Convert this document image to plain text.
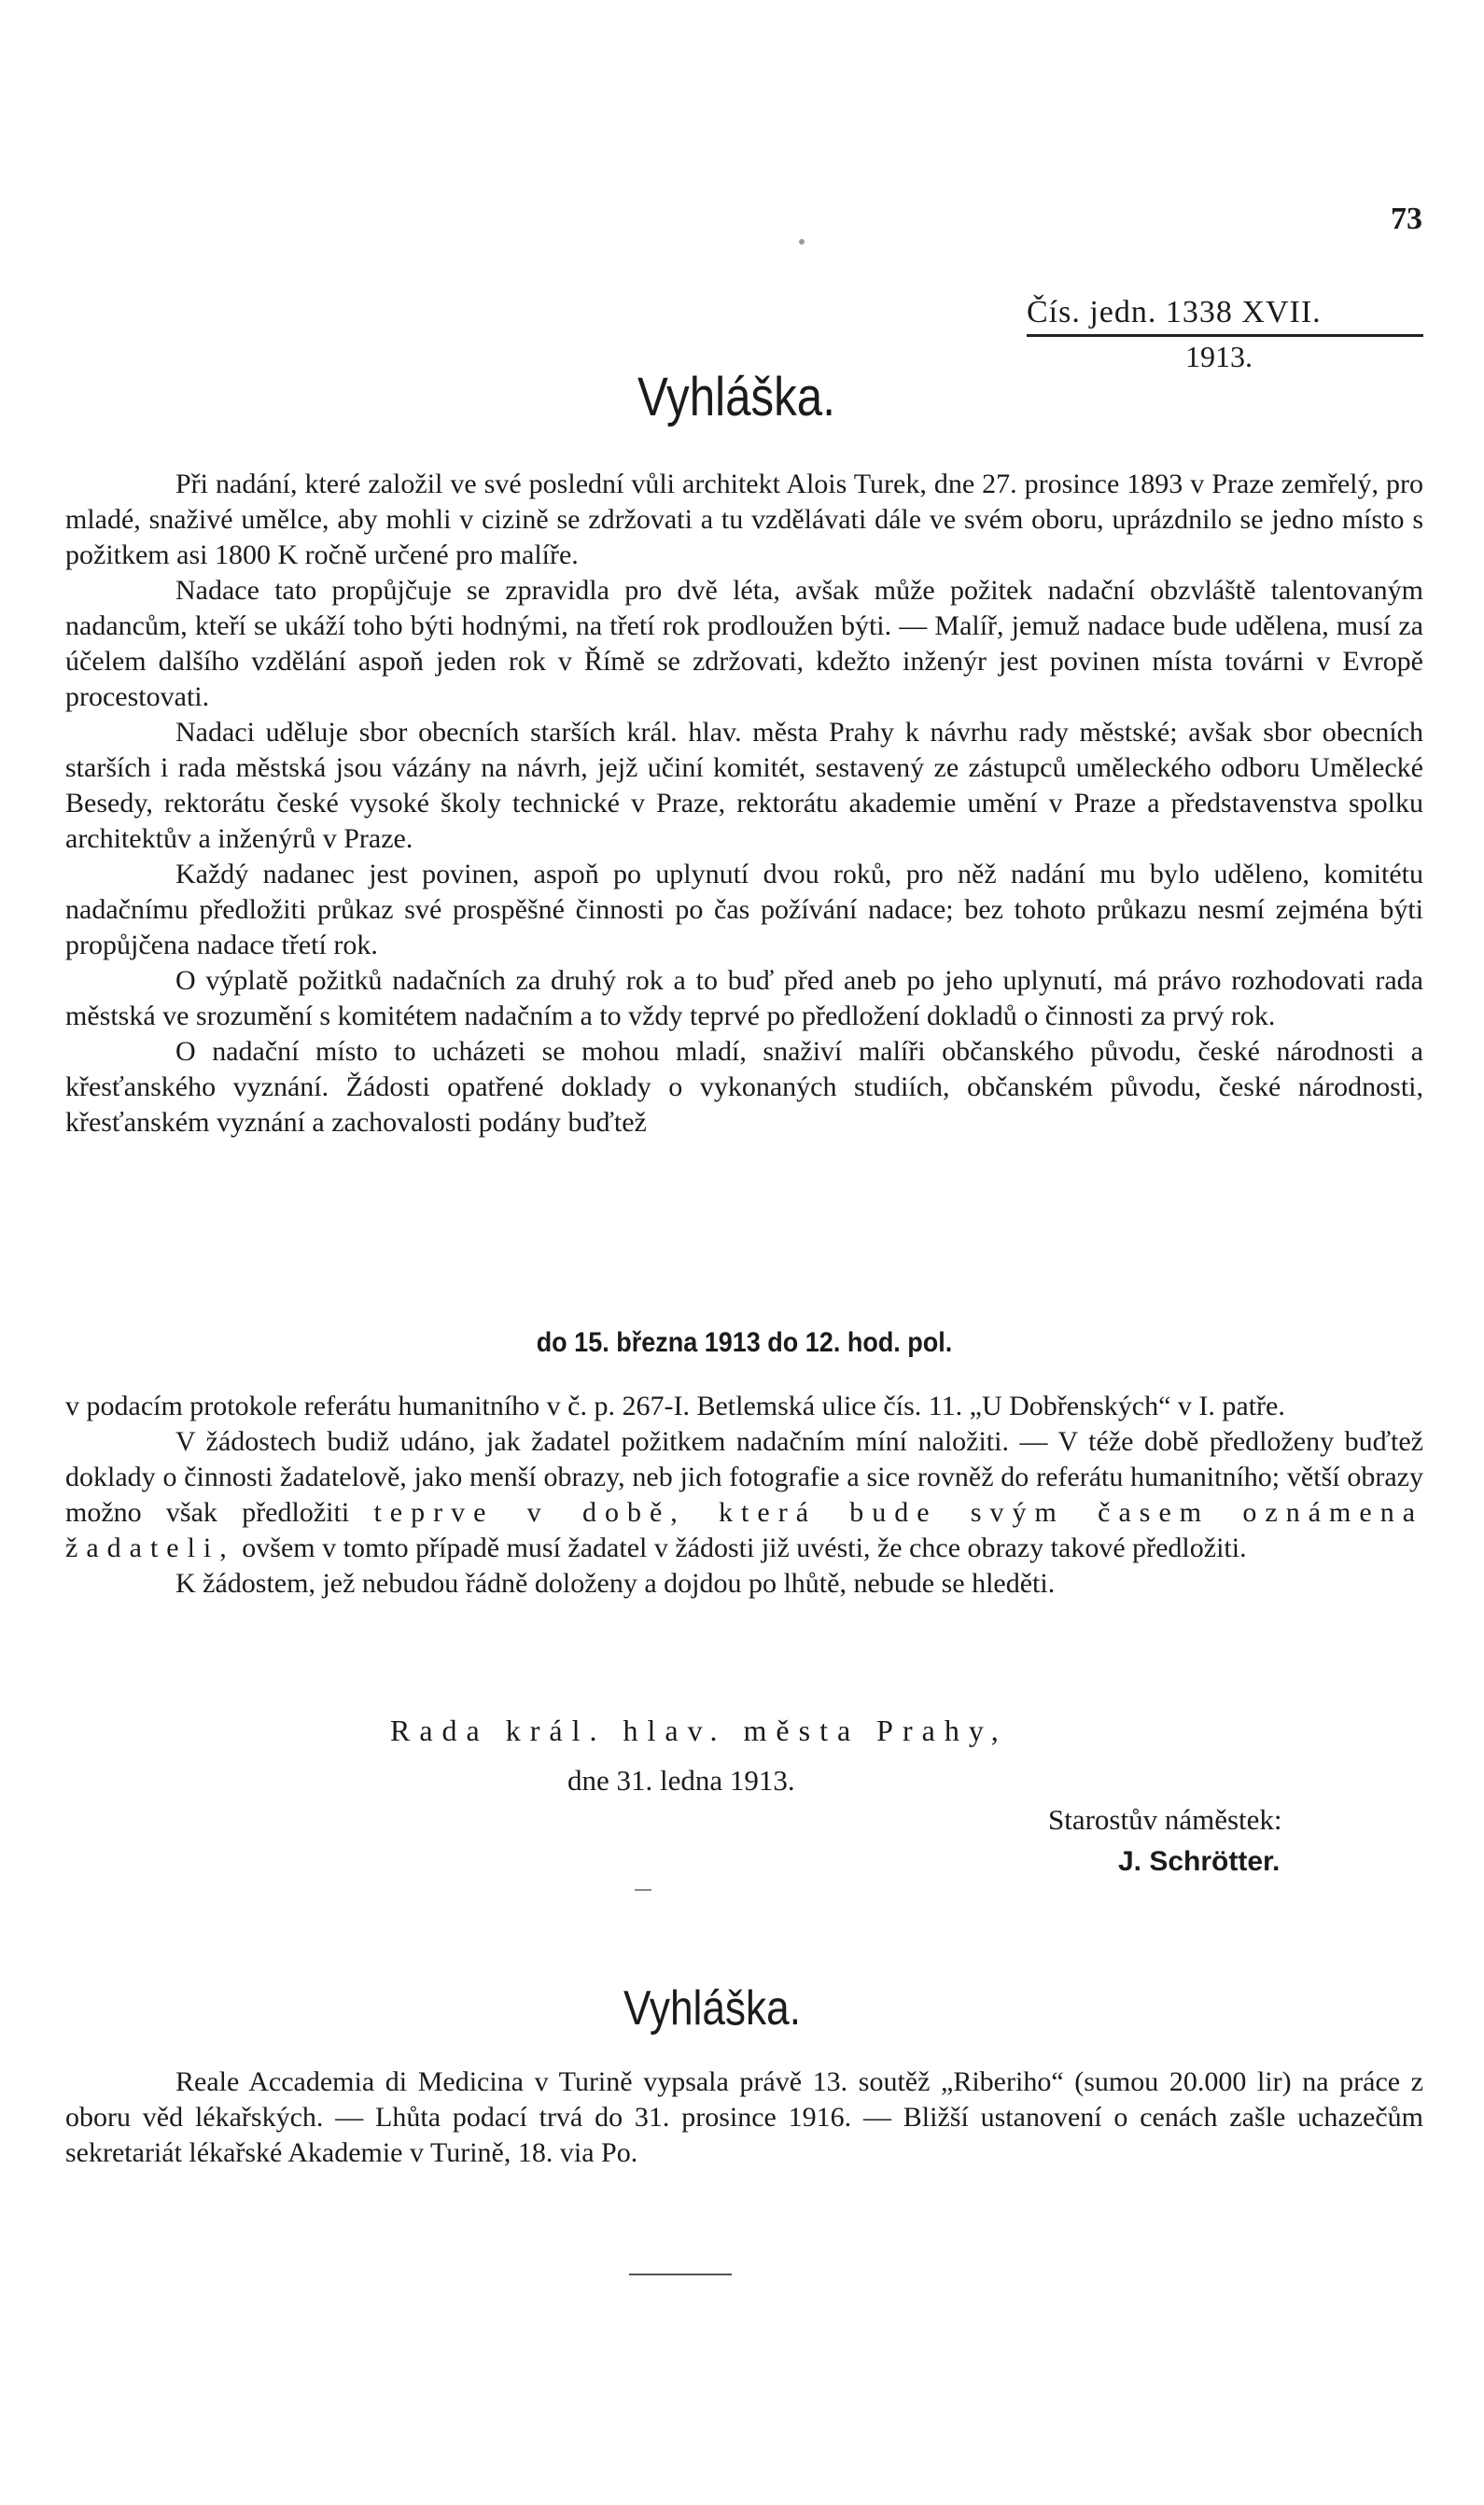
73
Čís. jedn. 1338 XVII.
1913.
Vyhláška.

Při nadání, které založil ve své poslední vůli architekt Alois Turek, dne 27. prosince 1893 v Praze zemřelý, pro mladé, snaživé umělce, aby mohli v cizině se zdržovati a tu vzdělávati dále ve svém oboru, uprázdnilo se jedno místo s požitkem asi 1800 K ročně určené pro malíře.

Nadace tato propůjčuje se zpravidla pro dvě léta, avšak může požitek nadační obzvláště talentovaným nadancům, kteří se ukáží toho býti hodnými, na třetí rok prodloužen býti. — Malíř, jemuž nadace bude udělena, musí za účelem dalšího vzdělání aspoň jeden rok v Římě se zdržovati, kdežto inženýr jest povinen místa továrni v Evropě procestovati.

Nadaci uděluje sbor obecních starších král. hlav. města Prahy k návrhu rady městské; avšak sbor obecních starších i rada městská jsou vázány na návrh, jejž učiní komitét, sestavený ze zástupců uměleckého odboru Umělecké Besedy, rektorátu české vysoké školy technické v Praze, rektorátu akademie umění v Praze a představenstva spolku architektův a inženýrů v Praze.

Každý nadanec jest povinen, aspoň po uplynutí dvou roků, pro něž nadání mu bylo uděleno, komitétu nadačnímu předložiti průkaz své prospěšné činnosti po čas požívání nadace; bez tohoto průkazu nesmí zejména býti propůjčena nadace třetí rok.

O výplatě požitků nadačních za druhý rok a to buď před aneb po jeho uplynutí, má právo rozhodovati rada městská ve srozumění s komitétem nadačním a to vždy teprvé po předložení dokladů o činnosti za prvý rok.

O nadační místo to ucházeti se mohou mladí, snaživí malíři občanského původu, české národnosti a křesťanského vyznání. Žádosti opatřené doklady o vykonaných studiích, občanském původu, české národnosti, křesťanském vyznání a zachovalosti podány buďtež

do 15. března 1913 do 12. hod. pol.

v podacím protokole referátu humanitního v č. p. 267-I. Betlemská ulice čís. 11. „U Dobřenských“ v I. patře.

V žádostech budiž udáno, jak žadatel požitkem nadačním míní naložiti. — V téže době předloženy buďtež doklady o činnosti žadatelově, jako menší obrazy, neb jich fotografie a sice rovněž do referátu humanitního; větší obrazy možno však předložiti teprve v době, která bude svým časem oznámena žadateli, ovšem v tomto případě musí žadatel v žádosti již uvésti, že chce obrazy takové předložiti.

K žádostem, jež nebudou řádně doloženy a dojdou po lhůtě, nebude se hleděti.

Rada král. hlav. města Prahy,
dne 31. ledna 1913.
Starostův náměstek:
J. Schrötter.
Vyhláška.

Reale Accademia di Medicina v Turině vypsala právě 13. soutěž „Riberiho“ (sumou 20.000 lir) na práce z oboru věd lékařských. — Lhůta podací trvá do 31. prosince 1916. — Bližší ustanovení o cenách zašle uchazečům sekretariát lékařské Akademie v Turině, 18. via Po.
